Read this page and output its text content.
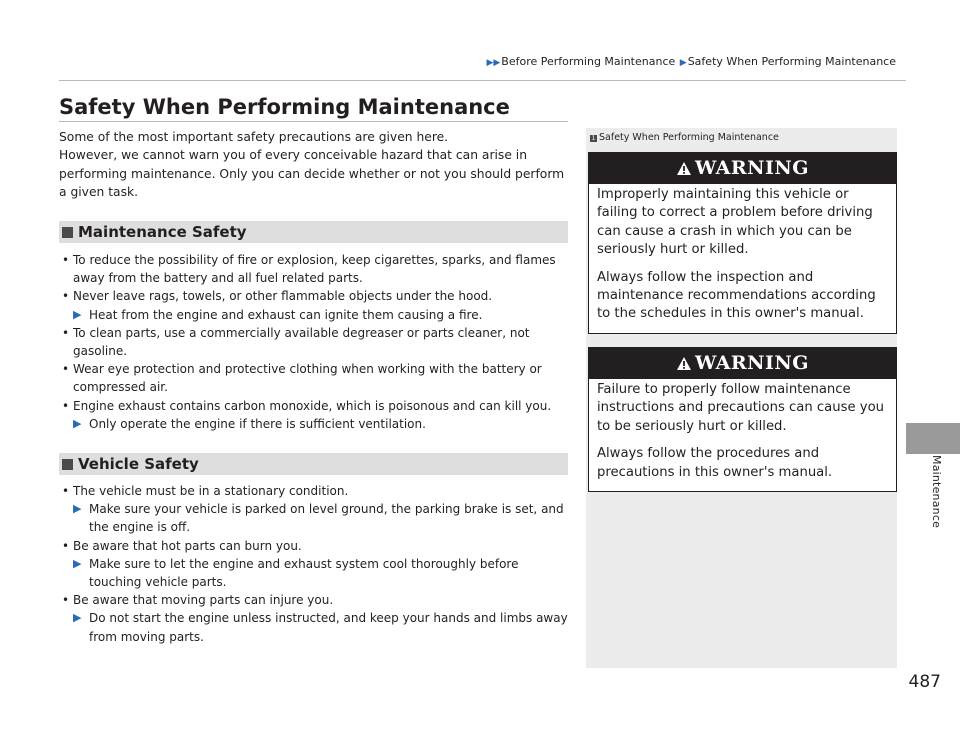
▶▶Before Performing Maintenance ▶Safety When Performing Maintenance
Maintenance
487
Safety When Performing Maintenance
Some of the most important safety precautions are given here.
However, we cannot warn you of every conceivable hazard that can arise in
performing maintenance. Only you can decide whether or not you should perform
a given task.
Maintenance Safety
• To reduce the possibility of fire or explosion, keep cigarettes, sparks, and flames away from the battery and all fuel related parts.
• Never leave rags, towels, or other flammable objects under the hood.
▶ Heat from the engine and exhaust can ignite them causing a fire.
• To clean parts, use a commercially available degreaser or parts cleaner, not gasoline.
• Wear eye protection and protective clothing when working with the battery or compressed air.
• Engine exhaust contains carbon monoxide, which is poisonous and can kill you.
▶ Only operate the engine if there is sufficient ventilation.
Vehicle Safety
• The vehicle must be in a stationary condition.
▶ Make sure your vehicle is parked on level ground, the parking brake is set, and the engine is off.
• Be aware that hot parts can burn you.
▶ Make sure to let the engine and exhaust system cool thoroughly before touching vehicle parts.
• Be aware that moving parts can injure you.
▶ Do not start the engine unless instructed, and keep your hands and limbs away from moving parts.
1 Safety When Performing Maintenance
WARNING

Improperly maintaining this vehicle or failing to correct a problem before driving can cause a crash in which you can be seriously hurt or killed.

Always follow the inspection and maintenance recommendations according to the schedules in this owner's manual.

WARNING

Failure to properly follow maintenance instructions and precautions can cause you to be seriously hurt or killed.

Always follow the procedures and precautions in this owner's manual.
